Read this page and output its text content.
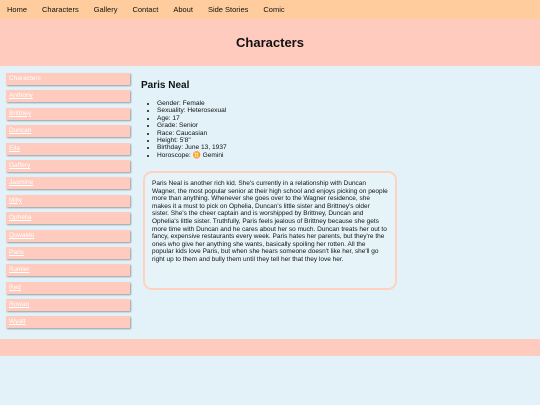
Home Characters Gallery Contact About Side Stories Comic
Characters
Characters
Anthony
Brittney
Duncan
Ella
Gaffery
Jasmine
Milly
Ophelia
Oswaldo
Paris
Rainier
Red
Rowan
Wyatt
Paris Neal
• Gender: Female
• Sexuality: Heterosexual
• Age: 17
• Grade: Senior
• Race: Caucasian
• Height: 5'8"
• Birthday: June 13, 1937
• Horoscope: ♊ Gemini
Paris Neal is another rich kid. She's currently in a relationship with Duncan Wagner, the most popular senior at their high school and enjoys picking on people more than anything. Whenever she goes over to the Wagner residence, she makes it a must to pick on Ophelia, Duncan's little sister and Brittney's older sister. She's the cheer captain and is worshipped by Brittney, Duncan and Ophelia's little sister. Truthfully, Paris feels jealous of Brittney because she gets more time with Duncan and he cares about her so much. Duncan treats her out to fancy, expensive restaurants every week. Paris hates her parents, but they're the ones who give her anything she wants, basically spoiling her rotten. All the popular kids love Paris, but when she hears someone doesn't like her, she'll go right up to them and bully them until they tell her that they love her.
